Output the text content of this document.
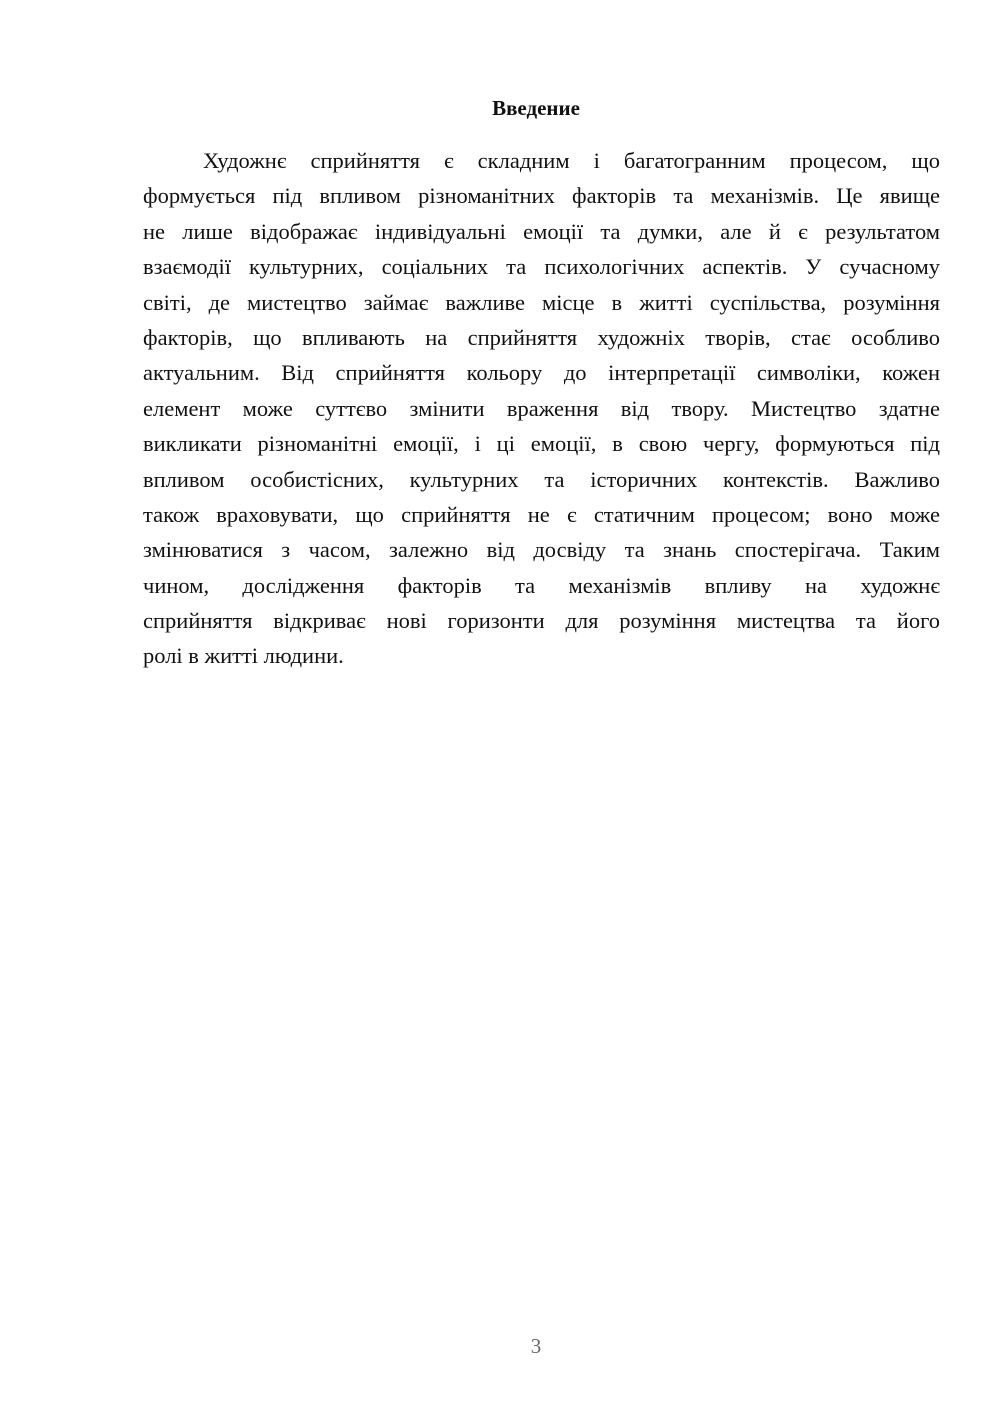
Введение
Художнє сприйняття є складним і багатогранним процесом, що
формується під впливом різноманітних факторів та механізмів. Це явище
не лише відображає індивідуальні емоції та думки, але й є результатом
взаємодії культурних, соціальних та психологічних аспектів. У сучасному
світі, де мистецтво займає важливе місце в житті суспільства, розуміння
факторів, що впливають на сприйняття художніх творів, стає особливо
актуальним. Від сприйняття кольору до інтерпретації символіки, кожен
елемент може суттєво змінити враження від твору. Мистецтво здатне
викликати різноманітні емоції, і ці емоції, в свою чергу, формуються під
впливом особистісних, культурних та історичних контекстів. Важливо
також враховувати, що сприйняття не є статичним процесом; воно може
змінюватися з часом, залежно від досвіду та знань спостерігача. Таким
чином, дослідження факторів та механізмів впливу на художнє
сприйняття відкриває нові горизонти для розуміння мистецтва та його
ролі в житті людини.
3
